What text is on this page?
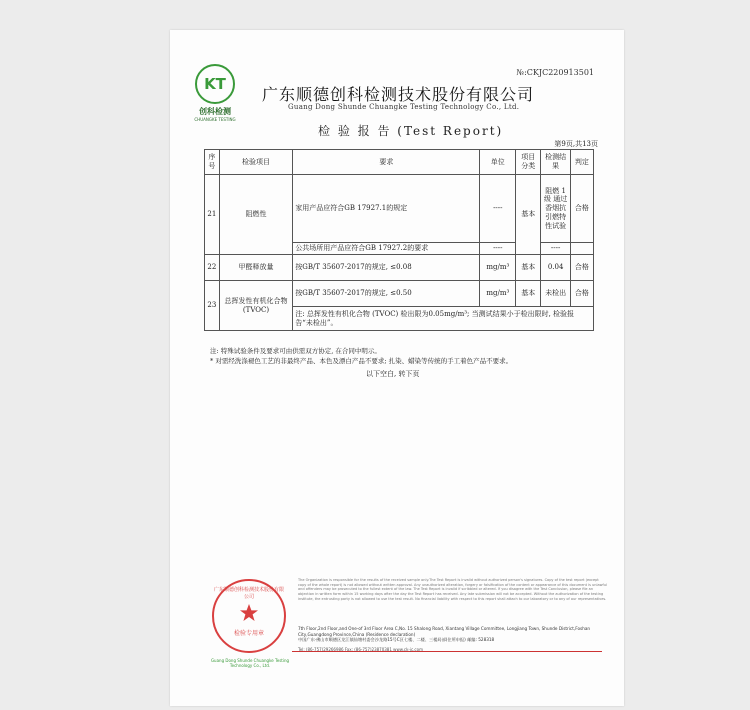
№:CKJC220913501
KT
创科检测
CHUANGKE TESTING
广东顺德创科检测技术股份有限公司
Guang Dong Shunde Chuangke Testing Technology Co., Ltd.
检 验 报 告 (Test Report)
第9页,共13页
序号	检验项目	要求	单位	项目分类	检测结果	判定
21	阻燃性	家用产品应符合GB 17927.1的规定	----	基本	阻燃 1 级 通过香烟抗引燃特性试验	合格
		公共场所用产品应符合GB 17927.2的要求	----		----	
22	甲醛释放量	按GB/T 35607-2017的规定, ≤0.08	mg/m³	基本	0.04	合格
23	总挥发性有机化合物 (TVOC)	按GB/T 35607-2017的规定, ≤0.50	mg/m³	基本	未检出	合格
		注: 总挥发性有机化合物 (TVOC) 检出限为0.05mg/m³; 当测试结果小于检出限时, 检验报告“未检出”。				
注: 特殊试验条件及要求可由供需双方协定, 在合同中明示。
* 对需经洗涤褪色工艺的非最终产品、本色及漂白产品不要求; 扎染、蜡染等传统的手工着色产品不要求。
以下空白, 转下页
The Organization is responsible for the results of the received sample only.The Test Report is invalid without authorized person's signatures. Copy of the test report (except copy of the whole report) is not allowed without written approval. Any unauthorized alteration, forgery or falsification of the content or appearance of this document is unlawful and offenders may be prosecuted to the fullest extent of the law. The Test Report is invalid if scribbled or altered. If you disagree with the Test Conclusion, please file an objection in written form within 15 working days after the day the Test Report has received. Any late submission will not be accepted. Without the authorization of the testing institute, the entrusting party is not allowed to use the test result. No financial liability with respect to this report shall attach to our laboratory or to any of our representatives.
7th Floor,2nd Floor,and One-of 3rd Floor Area C,No. 15 Shalong Road, Xiantang Village Committee, Longjiang Town, Shunde District,Foshan City,Guangdong Province,China (Residence declaration)
中国广东·佛山市顺德区龙江镇仙塘村委会沙龙路15号C区七楼、二楼、三楼局部(住所申报) 邮编: 528318
Tel: (86-757)29266986 Fax: (86-757)23870381 www.ck-jc.com
广东顺德创科检测技术股份有限公司
检验专用章
Guang Dong Shunde Chuangke Testing Technology Co., Ltd.
